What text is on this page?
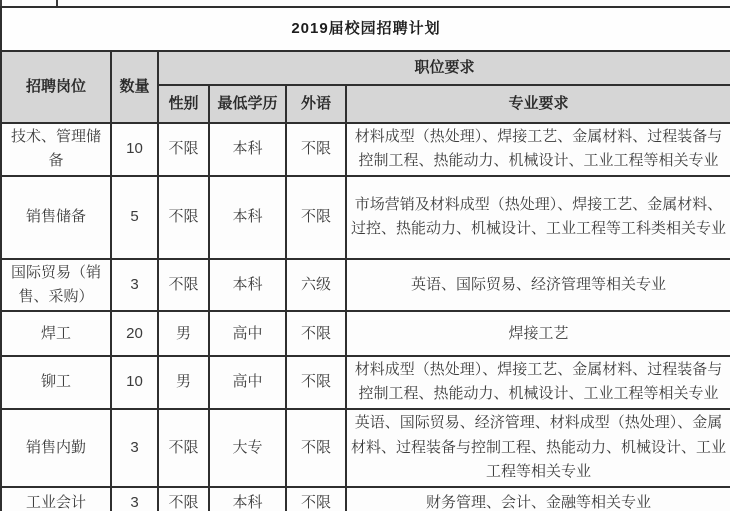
2019届校园招聘计划					
招聘岗位	数量	职位要求			
		性别	最低学历	外语	专业要求
技术、管理储备	10	不限	本科	不限	材料成型（热处理）、焊接工艺、金属材料、过程装备与控制工程、热能动力、机械设计、工业工程等相关专业
销售储备	5	不限	本科	不限	市场营销及材料成型（热处理）、焊接工艺、金属材料、过控、热能动力、机械设计、工业工程等工科类相关专业
国际贸易（销售、采购）	3	不限	本科	六级	英语、国际贸易、经济管理等相关专业
焊工	20	男	高中	不限	焊接工艺
铆工	10	男	高中	不限	材料成型（热处理）、焊接工艺、金属材料、过程装备与控制工程、热能动力、机械设计、工业工程等相关专业
销售内勤	3	不限	大专	不限	英语、国际贸易、经济管理、材料成型（热处理）、金属材料、过程装备与控制工程、热能动力、机械设计、工业工程等相关专业
工业会计	3	不限	本科	不限	财务管理、会计、金融等相关专业
